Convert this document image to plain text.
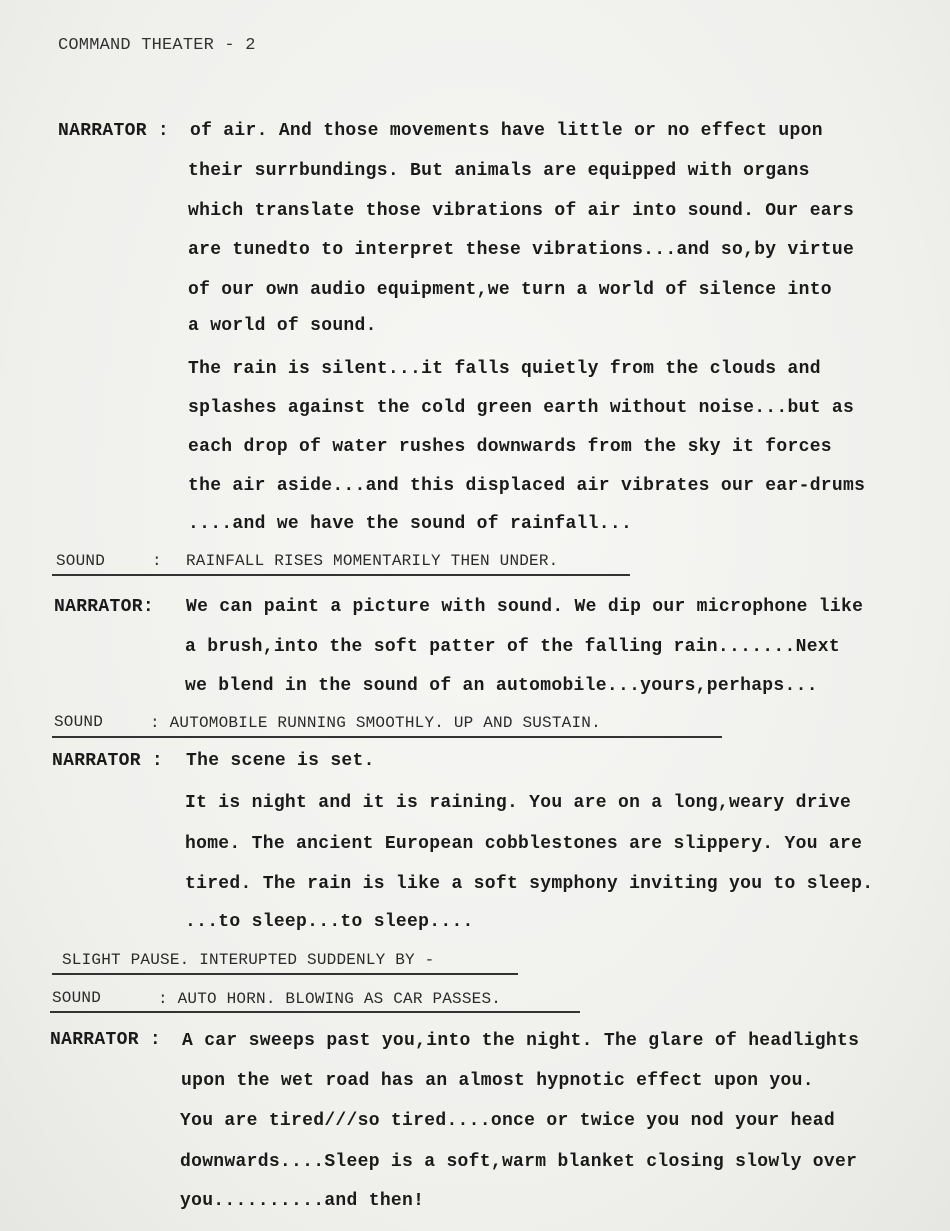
COMMAND THEATER - 2
NARRATOR : of air. And those movements have little or no effect upon
their surrbundings. But animals are equipped with organs
which translate those vibrations of air into sound. Our ears
are tunedto to interpret these vibrations...and so,by virtue
of our own audio equipment,we turn a world of silence into
a world of sound.
The rain is silent...it falls quietly from the clouds and
splashes against the cold green earth without noise...but as
each drop of water rushes downwards from the sky it forces
the air aside...and this displaced air vibrates our ear-drums
....and we have the sound of rainfall...
SOUND	: RAINFALL RISES MOMENTARILY THEN UNDER.
NARRATOR: We can paint a picture with sound. We dip our microphone like
a brush,into the soft patter of the falling rain.......Next
we blend in the sound of an automobile...yours,perhaps...
SOUND	: AUTOMOBILE RUNNING SMOOTHLY. UP AND SUSTAIN.
NARRATOR : The scene is set.
It is night and it is raining. You are on a long,weary drive
home. The ancient European cobblestones are slippery. You are
tired. The rain is like a soft symphony inviting you to sleep.
...to sleep...to sleep....
SLIGHT PAUSE. INTERUPTED SUDDENLY BY -
SOUND	: AUTO HORN. BLOWING AS CAR PASSES.
NARRATOR : A car sweeps past you,into the night. The glare of headlights
upon the wet road has an almost hypnotic effect upon you.
You are tired///so tired....once or twice you nod your head
downwards....Sleep is a soft,warm blanket closing slowly over
you..........and then!
